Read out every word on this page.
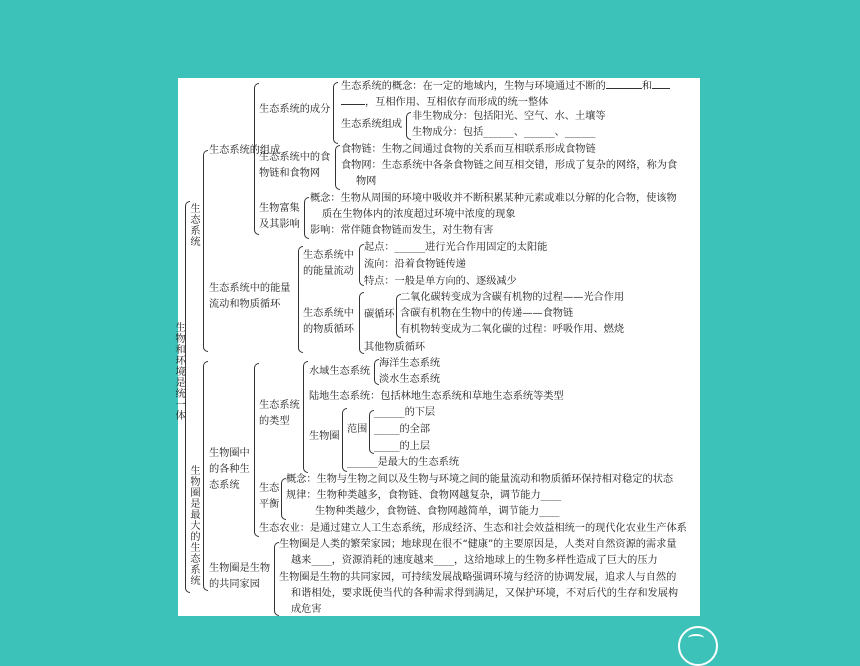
生物和环境是统一体
生态系统
生态系统的组成
生态系统的成分
生态系统的概念：在一定的地域内，生物与环境通过不断的	和
，互相作用、互相依存而形成的统一整体
生态系统组成
非生物成分：包括阳光、空气、水、土壤等
生物成分：包括______、______、______
生态系统中的食
物链和食物网
食物链：生物之间通过食物的关系而互相联系形成食物链
食物网：生态系统中各条食物链之间互相交错，形成了复杂的网络，称为食
物网
生物富集
及其影响
概念：生物从周围的环境中吸收并不断积累某种元素或难以分解的化合物，使该物
质在生物体内的浓度超过环境中浓度的现象
影响：常伴随食物链而发生，对生物有害
生态系统中的能量
流动和物质循环
生态系统中
的能量流动
起点：______进行光合作用固定的太阳能
流向：沿着食物链传递
特点：一般是单方向的、逐级减少
生态系统中
的物质循环
碳循环
二氧化碳转变成为含碳有机物的过程——光合作用
含碳有机物在生物中的传递——食物链
有机物转变成为二氧化碳的过程：呼吸作用、燃烧
其他物质循环
生物圈是最大的生态系统
生物圈中
的各种生
态系统
生态系统
的类型
水域生态系统
海洋生态系统
淡水生态系统
陆地生态系统：包括林地生态系统和草地生态系统等类型
生物圈
范围
______的下层
_____的全部
_____的上层
______是最大的生态系统
生态
平衡
概念：生物与生物之间以及生物与环境之间的能量流动和物质循环保持相对稳定的状态
规律：生物种类越多，食物链、食物网越复杂，调节能力____
生物种类越少，食物链、食物网越简单，调节能力____
生态农业：是通过建立人工生态系统，形成经济、生态和社会效益相统一的现代化农业生产体系
生物圈是生物
的共同家园
生物圈是人类的繁荣家园；地球现在很不“健康”的主要原因是，人类对自然资源的需求量
越来____，资源消耗的速度越来____，这给地球上的生物多样性造成了巨大的压力
生物圈是生物的共同家园，可持续发展战略强调环境与经济的协调发展，追求人与自然的
和谐相处，要求既使当代的各种需求得到满足，又保护环境，不对后代的生存和发展构
成危害
